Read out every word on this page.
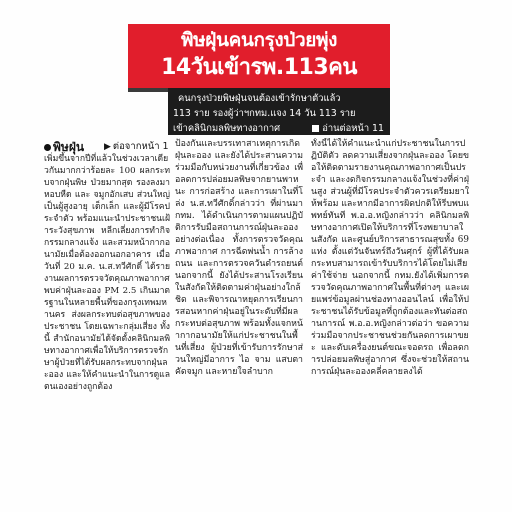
พิษฝุ่นคนกรุงป่วยพุ่ง
14วันเข้ารพ.113คน
คนกรุงป่วยพิษฝุ่นจนต้องเข้ารักษาตัวแล้ว
113 ราย รองผู้ว่าฯกทม.แจง 14 วัน 113 ราย
เข้าคลินิกมลพิษทางอากาศ	อ่านต่อหน้า 11
พิษฝุ่น ▶ ต่อจากหน้า 1

เพิ่มขึ้นจากปีที่แล้วในช่วงเวลาเดียวกันมากกว่าร้อยละ 100 ผลกระทบจากฝุ่นพิษ ป่วยมากสุด รองลงมา หอบหืด และ จมูกอักเสบ ส่วนใหญ่เป็นผู้สูงอายุ เด็กเล็ก และผู้มีโรคประจำตัว พร้อมแนะนำประชาชนเฝ้าระวังสุขภาพ หลีกเลี่ยงการทำกิจกรรมกลางแจ้ง และสวมหน้ากากอนามัยเมื่อต้องออกนอกอาคาร เมื่อวันที่ 20 ม.ค. น.ส.ทวีศักดิ์ ได้รายงานผลการตรวจวัดคุณภาพอากาศ พบค่าฝุ่นละออง PM 2.5 เกินมาตรฐานในหลายพื้นที่ของกรุงเทพมหานคร ส่งผลกระทบต่อสุขภาพของประชาชน โดยเฉพาะกลุ่มเสี่ยง ทั้งนี้ สำนักอนามัยได้จัดตั้งคลินิกมลพิษทางอากาศเพื่อให้บริการตรวจรักษาผู้ป่วยที่ได้รับผลกระทบจากฝุ่นละออง และให้คำแนะนำในการดูแลตนเองอย่างถูกต้อง

ป้องกันและบรรเทาสาเหตุการเกิดฝุ่นละออง และยังได้ประสานความร่วมมือกับหน่วยงานที่เกี่ยวข้อง เพื่อลดการปล่อยมลพิษจากยานพาหนะ การก่อสร้าง และการเผาในที่โล่ง น.ส.ทวีศักดิ์กล่าวว่า ที่ผ่านมากทม. ได้ดำเนินการตามแผนปฏิบัติการรับมือสถานการณ์ฝุ่นละอองอย่างต่อเนื่อง ทั้งการตรวจวัดคุณภาพอากาศ การฉีดพ่นน้ำ การล้างถนน และการตรวจควันดำรถยนต์ นอกจากนี้ ยังได้ประสานโรงเรียนในสังกัดให้ติดตามค่าฝุ่นอย่างใกล้ชิด และพิจารณาหยุดการเรียนการสอนหากค่าฝุ่นอยู่ในระดับที่มีผลกระทบต่อสุขภาพ พร้อมทั้งแจกหน้ากากอนามัยให้แก่ประชาชนในพื้นที่เสี่ยง ผู้ป่วยที่เข้ารับการรักษาส่วนใหญ่มีอาการ ไอ จาม แสบตา คัดจมูก และหายใจลำบาก

ทั้งนี้ได้ให้คำแนะนำแก่ประชาชนในการปฏิบัติตัว ลดความเสี่ยงจากฝุ่นละออง โดยขอให้ติดตามรายงานคุณภาพอากาศเป็นประจำ และงดกิจกรรมกลางแจ้งในช่วงที่ค่าฝุ่นสูง ส่วนผู้ที่มีโรคประจำตัวควรเตรียมยาให้พร้อม และหากมีอาการผิดปกติให้รีบพบแพทย์ทันที พ.อ.อ.หญิงกล่าวว่า คลินิกมลพิษทางอากาศเปิดให้บริการที่โรงพยาบาลในสังกัด และศูนย์บริการสาธารณสุขทั้ง 69 แห่ง ตั้งแต่วันจันทร์ถึงวันศุกร์ ผู้ที่ได้รับผลกระทบสามารถเข้ารับบริการได้โดยไม่เสียค่าใช้จ่าย นอกจากนี้ กทม.ยังได้เพิ่มการตรวจวัดคุณภาพอากาศในพื้นที่ต่างๆ และเผยแพร่ข้อมูลผ่านช่องทางออนไลน์ เพื่อให้ประชาชนได้รับข้อมูลที่ถูกต้องและทันต่อสถานการณ์ พ.อ.อ.หญิงกล่าวต่อว่า ขอความร่วมมือจากประชาชนช่วยกันลดการเผาขยะ และดับเครื่องยนต์ขณะจอดรถ เพื่อลดการปล่อยมลพิษสู่อากาศ ซึ่งจะช่วยให้สถานการณ์ฝุ่นละอองคลี่คลายลงได้
